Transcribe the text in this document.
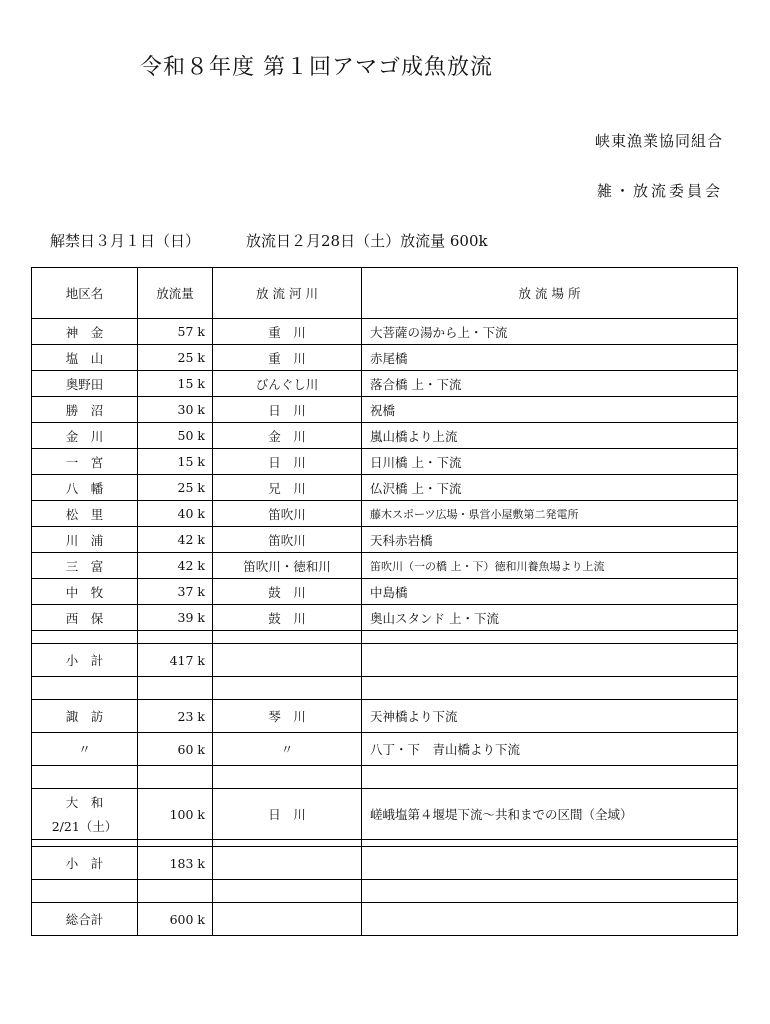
令和８年度 第１回アマゴ成魚放流
峡東漁業協同組合
雑・放流委員会
解禁日３月１日（日）	放流日２月28日（土）放流量 600k
地区名	放流量	放 流 河 川	放 流 場 所
神　金	57 k	重　川	大菩薩の湯から上・下流
塩　山	25 k	重　川	赤尾橋
奥野田	15 k	びんぐし川	落合橋 上・下流
勝　沼	30 k	日　川	祝橋
金　川	50 k	金　川	嵐山橋より上流
一　宮	15 k	日　川	日川橋 上・下流
八　幡	25 k	兄　川	仏沢橋 上・下流
松　里	40 k	笛吹川	藤木スポーツ広場・県営小屋敷第二発電所
川　浦	42 k	笛吹川	天科赤岩橋
三　富	42 k	笛吹川・徳和川	笛吹川（一の橋 上・下）徳和川養魚場より上流
中　牧	37 k	鼓　川	中島橋
西　保	39 k	鼓　川	奥山スタンド 上・下流

小　計	417 k		

諏　訪	23 k	琴　川	天神橋より下流
〃	60 k	〃	八丁・下　青山橋より下流

大　和
2/21（土）	100 k	日　川	嵯峨塩第４堰堤下流～共和までの区間（全域）

小　計	183 k		

総合計	600 k		
